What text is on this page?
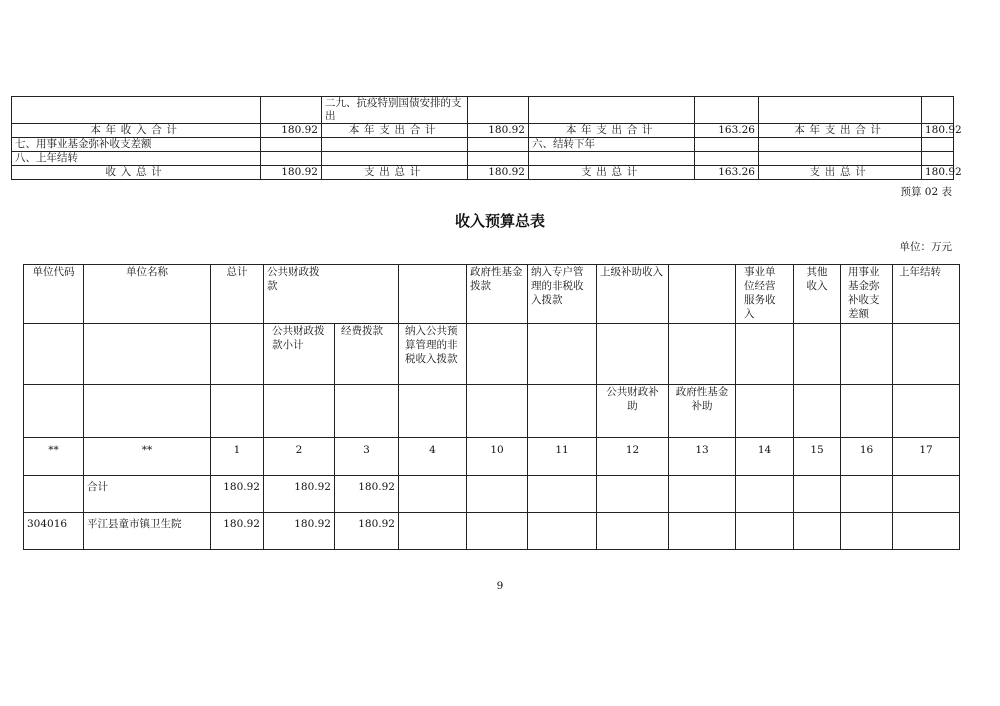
		二九、抗疫特别国债安排的支出					
本年收入合计	180.92	本年支出合计	180.92	本年支出合计	163.26	本年支出合计	180.92
七、用事业基金弥补收支差额				六、结转下年			
八、上年结转							
收入总计	180.92	支出总计	180.92	支出总计	163.26	支出总计	180.92
预算 02 表
收入预算总表
单位：万元
单位代码	单位名称	总计	公共财政拨款			政府性基金拨款	纳入专户管理的非税收入拨款	上级补助收入		事业单位经营服务收入	其他收入	用事业基金弥补收支差额	上年结转
			公共财政拨款小计	经费拨款	纳入公共预算管理的非税收入拨款								
								公共财政补助	政府性基金补助				
**	**	1	2	3	4	10	11	12	13	14	15	16	17
	合计	180.92	180.92	180.92									
304016	平江县童市镇卫生院	180.92	180.92	180.92									
9
